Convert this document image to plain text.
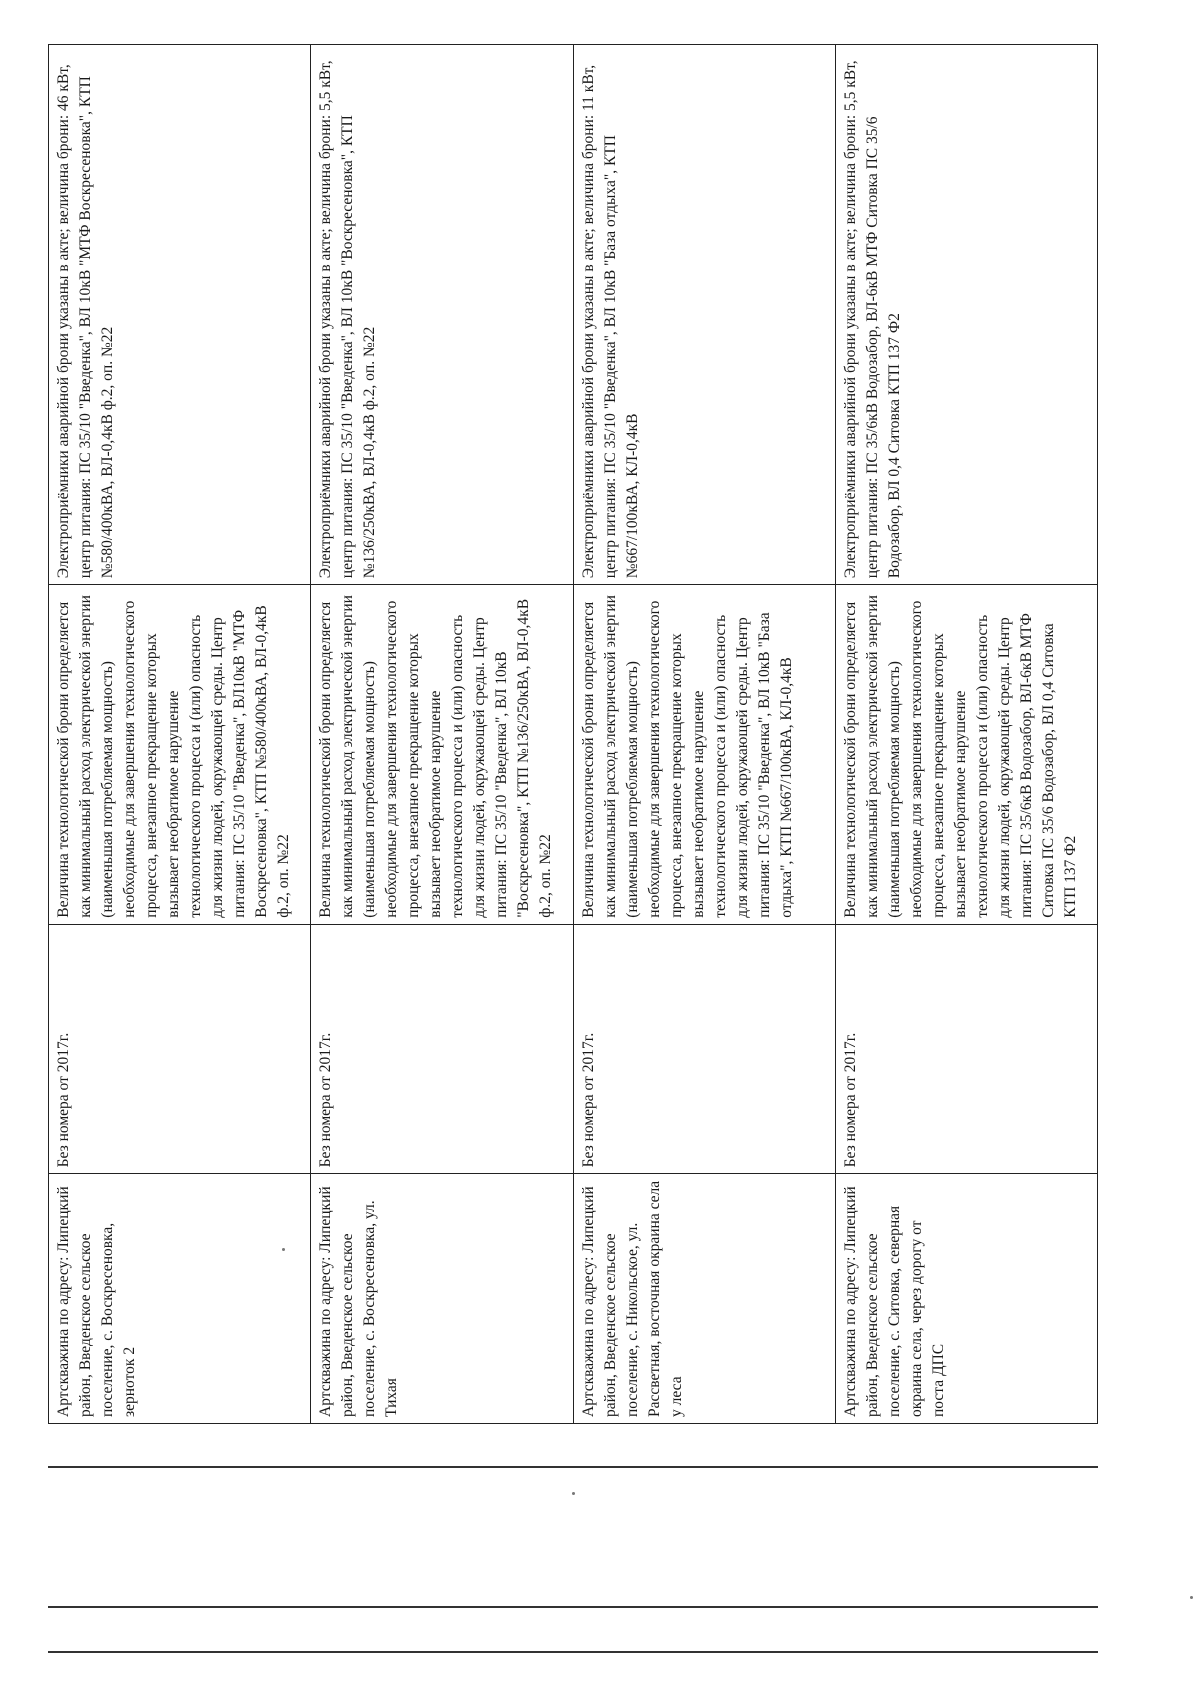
Артскважина по адресу: Липецкий район, Введенское сельское поселение, с. Воскресеновка, зерноток 2
Без номера от 2017г.
Величина технологической брони определяется как минимальный расход электрической энергии (наименьшая потребляемая мощность) необходимые для завершения технологического процесса, внезапное прекращение которых вызывает необратимое нарушение технологического процесса и (или) опасность для жизни людей, окружающей среды. Центр питания: ПС 35/10 "Введенка", ВЛ10кВ "МТФ Воскресеновка", КТП №580/400кВА, ВЛ-0,4кВ ф.2, оп. №22
Электроприёмники аварийной брони указаны в акте; величина брони: 46 кВт, центр питания: ПС 35/10 "Введенка", ВЛ 10кВ "МТФ Воскресеновка", КТП №580/400кВА, ВЛ-0,4кВ ф.2, оп. №22
Артскважина по адресу: Липецкий район, Введенское сельское поселение, с. Воскресеновка, ул. Тихая
Без номера от 2017г.
Величина технологической брони определяется как минимальный расход электрической энергии (наименьшая потребляемая мощность) необходимые для завершения технологического процесса, внезапное прекращение которых вызывает необратимое нарушение технологического процесса и (или) опасность для жизни людей, окружающей среды. Центр питания: ПС 35/10 "Введенка", ВЛ 10кВ "Воскресеновка", КТП №136/250кВА, ВЛ-0,4кВ ф.2, оп. №22
Электроприёмники аварийной брони указаны в акте; величина брони: 5,5 кВт, центр питания: ПС 35/10 "Введенка", ВЛ 10кВ "Воскресеновка", КТП №136/250кВА, ВЛ-0,4кВ ф.2, оп. №22
Артскважина по адресу: Липецкий район, Введенское сельское поселение, с. Никольское, ул. Рассветная, восточная окраина села у леса
Без номера от 2017г.
Величина технологической брони определяется как минимальный расход электрической энергии (наименьшая потребляемая мощность) необходимые для завершения технологического процесса, внезапное прекращение которых вызывает необратимое нарушение технологического процесса и (или) опасность для жизни людей, окружающей среды. Центр питания: ПС 35/10 "Введенка", ВЛ 10кВ "База отдыха", КТП №667/100кВА, КЛ-0,4кВ
Электроприёмники аварийной брони указаны в акте; величина брони: 11 кВт, центр питания: ПС 35/10 "Введенка", ВЛ 10кВ "База отдыха", КТП №667/100кВА, КЛ-0,4кВ
Артскважина по адресу: Липецкий район, Введенское сельское поселение, с. Ситовка, северная окраина села, через дорогу от поста ДПС
Без номера от 2017г.
Величина технологической брони определяется как минимальный расход электрической энергии (наименьшая потребляемая мощность) необходимые для завершения технологического процесса, внезапное прекращение которых вызывает необратимое нарушение технологического процесса и (или) опасность для жизни людей, окружающей среды. Центр питания: ПС 35/6кВ Водозабор, ВЛ-6кВ МТФ Ситовка ПС 35/6 Водозабор, ВЛ 0,4 Ситовка КТП 137 Ф2
Электроприёмники аварийной брони указаны в акте; величина брони: 5,5 кВт, центр питания: ПС 35/6кВ Водозабор, ВЛ-6кВ МТФ Ситовка ПС 35/6 Водозабор, ВЛ 0,4 Ситовка КТП 137 Ф2
